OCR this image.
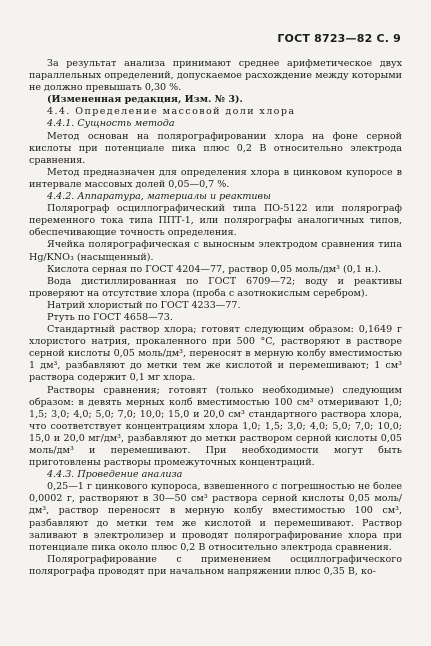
ГОСТ 8723—82 С. 9

За результат анализа принимают среднее арифметическое двух параллельных определений, допускаемое расхождение между которыми не должно превышать 0,30 %.

(Измененная редакция, Изм. № 3).

4.4. Определение массовой доли хлора

4.4.1. Сущность метода

Метод основан на полярографировании хлора на фоне серной кислоты при потенциале пика плюс 0,2 В относительно электрода сравнения.

Метод предназначен для определения хлора в цинковом купоросе в интервале массовых долей 0,05—0,7 %.

4.4.2. Аппаратура, материалы и реактивы

Полярограф осциллографический типа ПО-5122 или полярограф переменного тока типа ППТ-1, или полярографы аналогичных типов, обеспечивающие точность определения.

Ячейка полярографическая с выносным электродом сравнения типа Hg/KNO₃ (насыщенный).

Кислота серная по ГОСТ 4204—77, раствор 0,05 моль/дм³ (0,1 н.).

Вода дистиллированная по ГОСТ 6709—72; воду и реактивы проверяют на отсутствие хлора (проба с азотнокислым серебром).

Натрий хлористый по ГОСТ 4233—77.

Ртуть по ГОСТ 4658—73.

Стандартный раствор хлора; готовят следующим образом: 0,1649 г хлористого натрия, прокаленного при 500 °C, растворяют в растворе серной кислоты 0,05 моль/дм³, переносят в мерную колбу вместимостью 1 дм³, разбавляют до метки тем же кислотой и перемешивают; 1 см³ раствора содержит 0,1 мг хлора.

Растворы сравнения; готовят (только необходимые) следующим образом: в девять мерных колб вместимостью 100 см³ отмеривают 1,0; 1,5; 3,0; 4,0; 5,0; 7,0; 10,0; 15,0 и 20,0 см³ стандартного раствора хлора, что соответствует концентрациям хлора 1,0; 1,5; 3,0; 4,0; 5,0; 7,0; 10,0; 15,0 и 20,0 мг/дм³, разбавляют до метки раствором серной кислоты 0,05 моль/дм³ и перемешивают. При необходимости могут быть приготовлены растворы промежуточных концентраций.

4.4.3. Проведение анализа

0,25—1 г цинкового купороса, взвешенного с погрешностью не более 0,0002 г, растворяют в 30—50 см³ раствора серной кислоты 0,05 моль/дм³, раствор переносят в мерную колбу вместимостью 100 см³, разбавляют до метки тем же кислотой и перемешивают. Раствор заливают в электролизер и проводят полярографирование хлора при потенциале пика около плюс 0,2 В относительно электрода сравнения.

Полярографирование с применением осциллографического полярографа проводят при начальном напряжении плюс 0,35 В, ко-
